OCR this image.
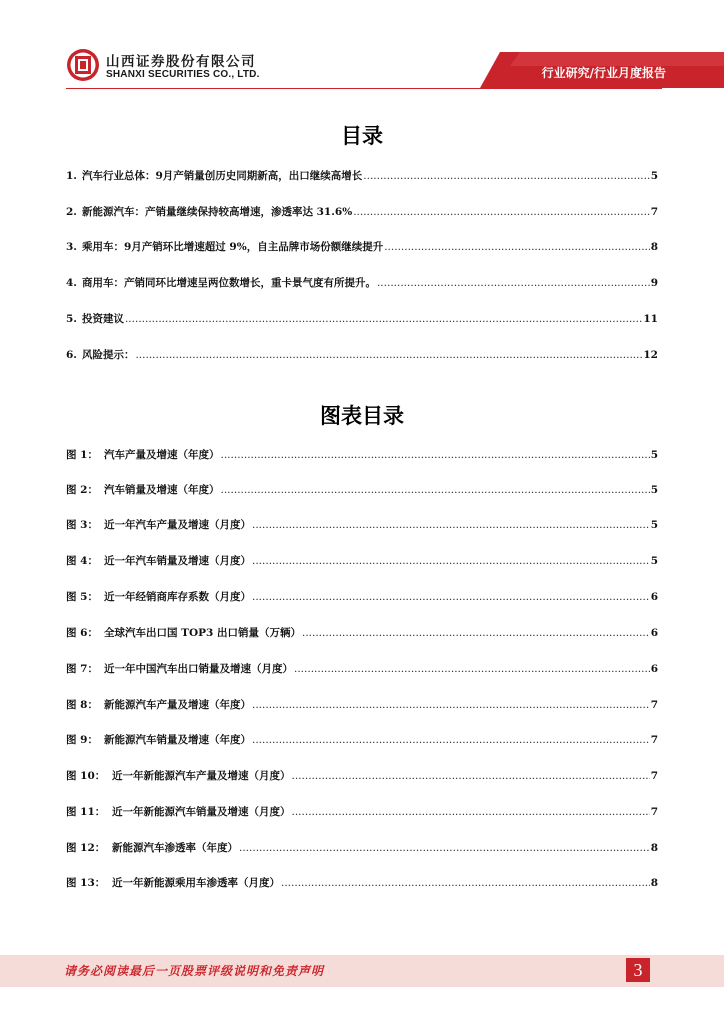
山西证券股份有限公司
SHANXI SECURITIES CO., LTD.	行业研究/行业月度报告
目录
1. 汽车行业总体：9月产销量创历史同期新高，出口继续高增长 .....	5
2. 新能源汽车：产销量继续保持较高增速，渗透率达 31.6% .....	7
3. 乘用车：9月产销环比增速超过 9%，自主品牌市场份额继续提升 .....	8
4. 商用车：产销同环比增速呈两位数增长，重卡景气度有所提升。 .....	9
5. 投资建议 .....	11
6. 风险提示： .....	12
图表目录
图 1： 汽车产量及增速（年度） .....	5
图 2： 汽车销量及增速（年度） .....	5
图 3： 近一年汽车产量及增速（月度） .....	5
图 4： 近一年汽车销量及增速（月度） .....	5
图 5： 近一年经销商库存系数（月度） .....	6
图 6： 全球汽车出口国 TOP3 出口销量（万辆） .....	6
图 7： 近一年中国汽车出口销量及增速（月度） .....	6
图 8： 新能源汽车产量及增速（年度） .....	7
图 9： 新能源汽车销量及增速（年度） .....	7
图 10： 近一年新能源汽车产量及增速（月度） .....	7
图 11： 近一年新能源汽车销量及增速（月度） .....	7
图 12： 新能源汽车渗透率（年度） .....	8
图 13： 近一年新能源乘用车渗透率（月度） .....	8
请务必阅读最后一页股票评级说明和免责声明	3
